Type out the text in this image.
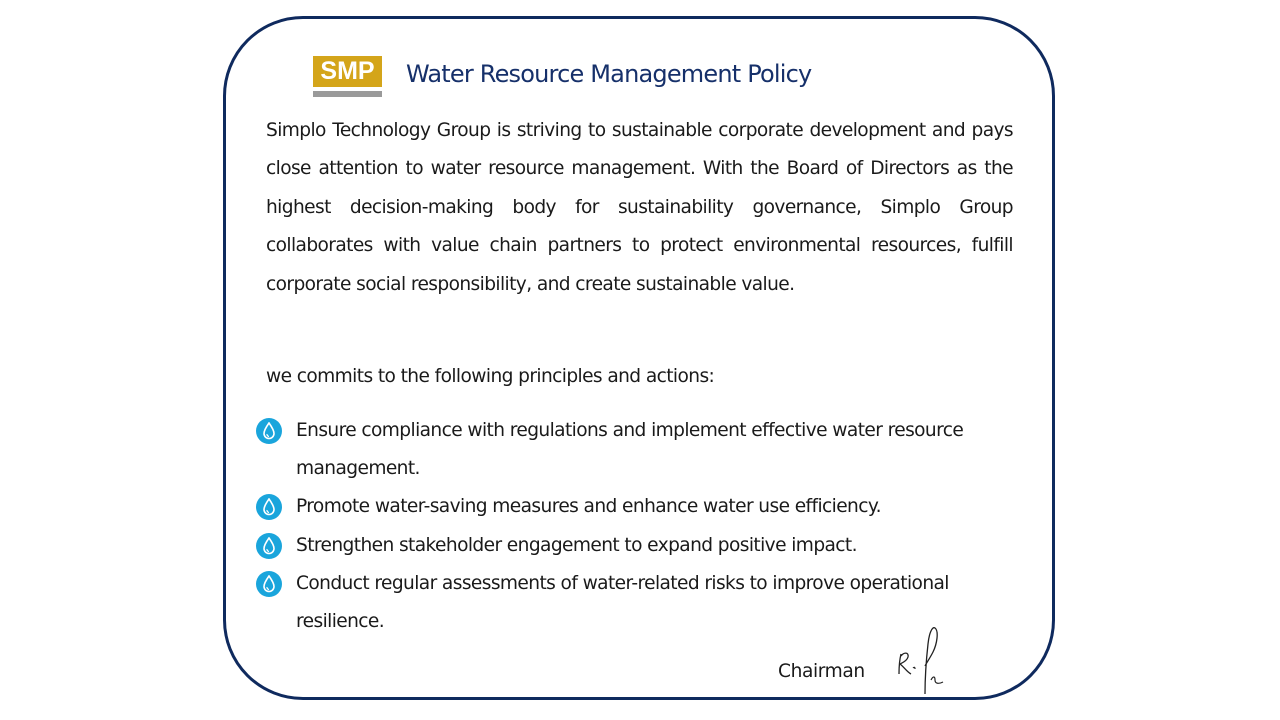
SMP	Water Resource Management Policy

Simplo Technology Group is striving to sustainable corporate development and pays close attention to water resource management. With the Board of Directors as the highest decision-making body for sustainability governance, Simplo Group collaborates with value chain partners to protect environmental resources, fulfill corporate social responsibility, and create sustainable value.

we commits to the following principles and actions:

Ensure compliance with regulations and implement effective water resource management.
Promote water-saving measures and enhance water use efficiency.
Strengthen stakeholder engagement to expand positive impact.
Conduct regular assessments of water-related risks to improve operational resilience.
Chairman
